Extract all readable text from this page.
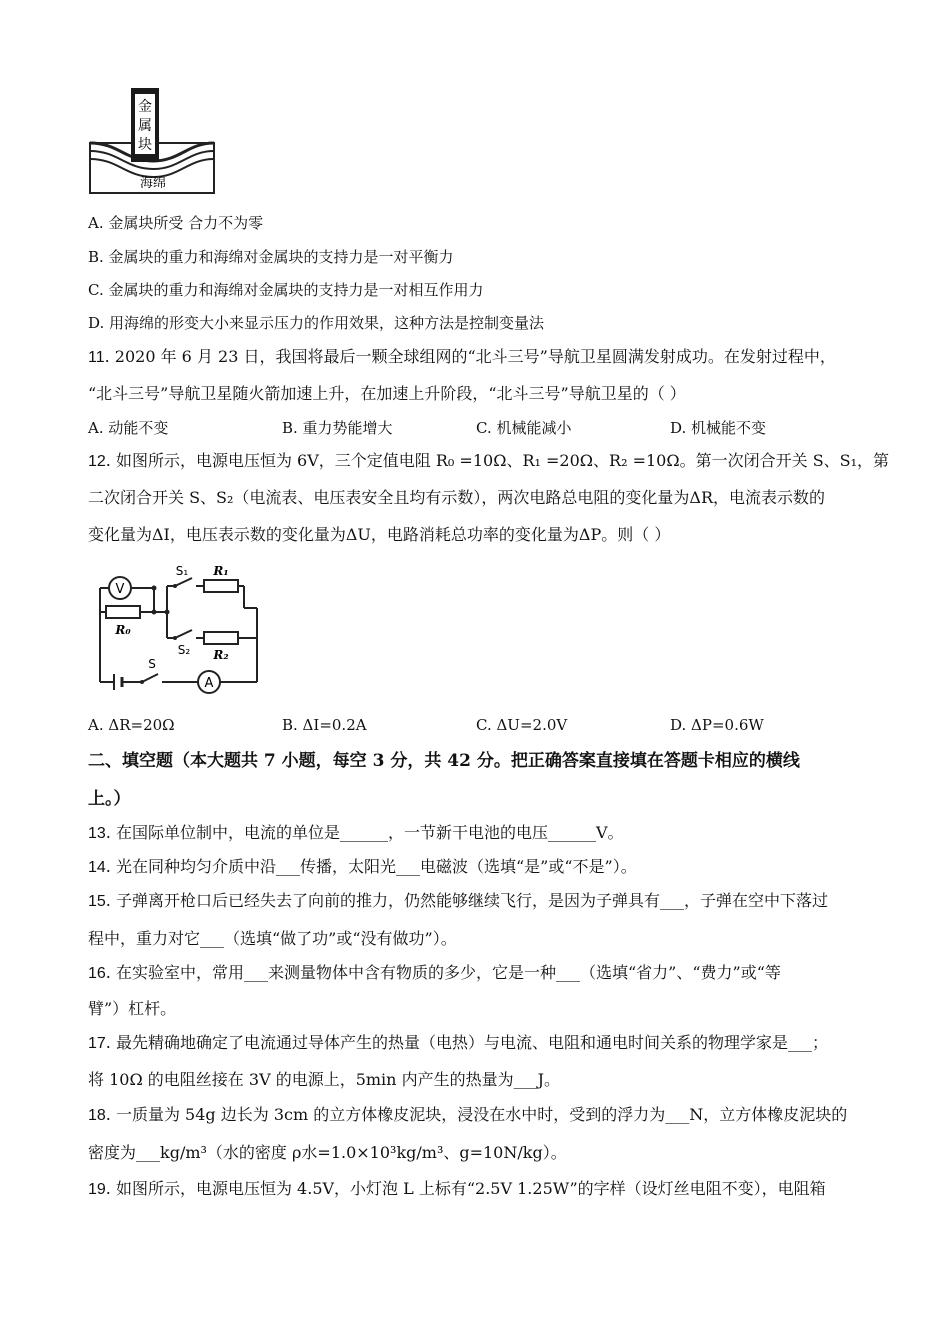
金
属
块
海绵
A. 金属块所受 合力不为零
B. 金属块的重力和海绵对金属块的支持力是一对平衡力
C. 金属块的重力和海绵对金属块的支持力是一对相互作用力
D. 用海绵的形变大小来显示压力的作用效果，这种方法是控制变量法
11. 2020 年 6 月 23 日，我国将最后一颗全球组网的“北斗三号”导航卫星圆满发射成功。在发射过程中，
“北斗三号”导航卫星随火箭加速上升，在加速上升阶段，“北斗三号”导航卫星的（ ）
A. 动能不变	B. 重力势能增大	C. 机械能减小	D. 机械能不变
12. 如图所示，电源电压恒为 6V，三个定值电阻 R₀ =10Ω、R₁ =20Ω、R₂ =10Ω。第一次闭合开关 S、S₁，第
二次闭合开关 S、S₂（电流表、电压表安全且均有示数），两次电路总电阻的变化量为ΔR，电流表示数的
变化量为ΔI，电压表示数的变化量为ΔU，电路消耗总功率的变化量为ΔP。则（ ）
V
A
R₀
R₁
R₂
S₁
S₂
S
A. ΔR=20Ω	B. ΔI=0.2A	C. ΔU=2.0V	D. ΔP=0.6W
二、填空题（本大题共 7 小题，每空 3 分，共 42 分。把正确答案直接填在答题卡相应的横线
上。）
13. 在国际单位制中，电流的单位是______，一节新干电池的电压______V。
14. 光在同种均匀介质中沿___传播，太阳光___电磁波（选填“是”或“不是”）。
15. 子弹离开枪口后已经失去了向前的推力，仍然能够继续飞行，是因为子弹具有___，子弹在空中下落过
程中，重力对它___（选填“做了功”或“没有做功”）。
16. 在实验室中，常用___来测量物体中含有物质的多少，它是一种___（选填“省力”、“费力”或“等
臂”）杠杆。
17. 最先精确地确定了电流通过导体产生的热量（电热）与电流、电阻和通电时间关系的物理学家是___；
将 10Ω 的电阻丝接在 3V 的电源上，5min 内产生的热量为___J。
18. 一质量为 54g 边长为 3cm 的立方体橡皮泥块，浸没在水中时，受到的浮力为___N，立方体橡皮泥块的
密度为___kg/m³（水的密度 ρ水=1.0×10³kg/m³、g=10N/kg）。
19. 如图所示，电源电压恒为 4.5V，小灯泡 L 上标有“2.5V 1.25W”的字样（设灯丝电阻不变），电阻箱
